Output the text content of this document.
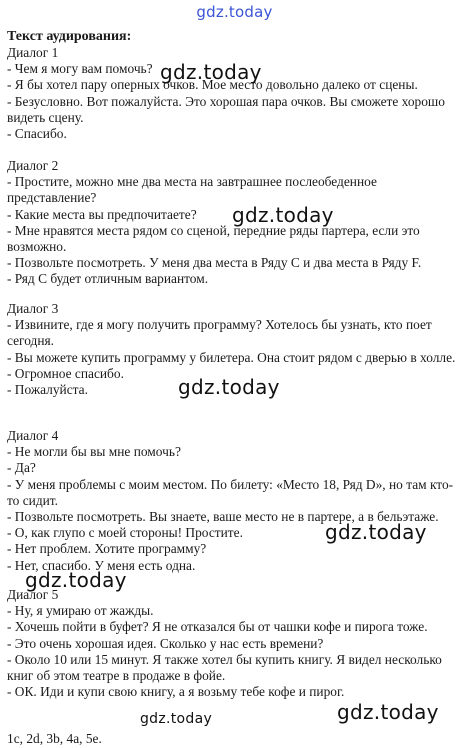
gdz.today
Текст аудирования:

Диалог 1

- Чем я могу вам помочь?

- Я бы хотел пару оперных очков. Мое место довольно далеко от сцены.

- Безусловно. Вот пожалуйста. Это хорошая пара очков. Вы сможете хорошо видеть сцену.

- Спасибо.

Диалог 2

- Простите, можно мне два места на завтрашнее послеобеденное представление?

- Какие места вы предпочитаете?

- Мне нравятся места рядом со сценой, передние ряды партера, если это возможно.

- Позвольте посмотреть. У меня два места в Ряду С и два места в Ряду F.

- Ряд С будет отличным вариантом.

Диалог 3

- Извините, где я могу получить программу? Хотелось бы узнать, кто поет сегодня.

- Вы можете купить программу у билетера. Она стоит рядом с дверью в холле.

- Огромное спасибо.

- Пожалуйста.

Диалог 4

- Не могли бы вы мне помочь?

- Да?

- У меня проблемы с моим местом. По билету: «Место 18, Ряд D», но там кто-то сидит.

- Позвольте посмотреть. Вы знаете, ваше место не в партере, а в бельэтаже.

- О, как глупо с моей стороны! Простите.

- Нет проблем. Хотите программу?

- Нет, спасибо. У меня есть одна.

Диалог 5

- Ну, я умираю от жажды.

- Хочешь пойти в буфет? Я не отказался бы от чашки кофе и пирога тоже.

- Это очень хорошая идея. Сколько у нас есть времени?

- Около 10 или 15 минут. Я также хотел бы купить книгу. Я видел несколько книг об этом театре в продаже в фойе.

- ОК. Иди и купи свою книгу, а я возьму тебе кофе и пирог.

1c, 2d, 3b, 4a, 5e.
gdz.today
gdz.today
gdz.today
gdz.today
gdz.today
gdz.today	gdz.today
